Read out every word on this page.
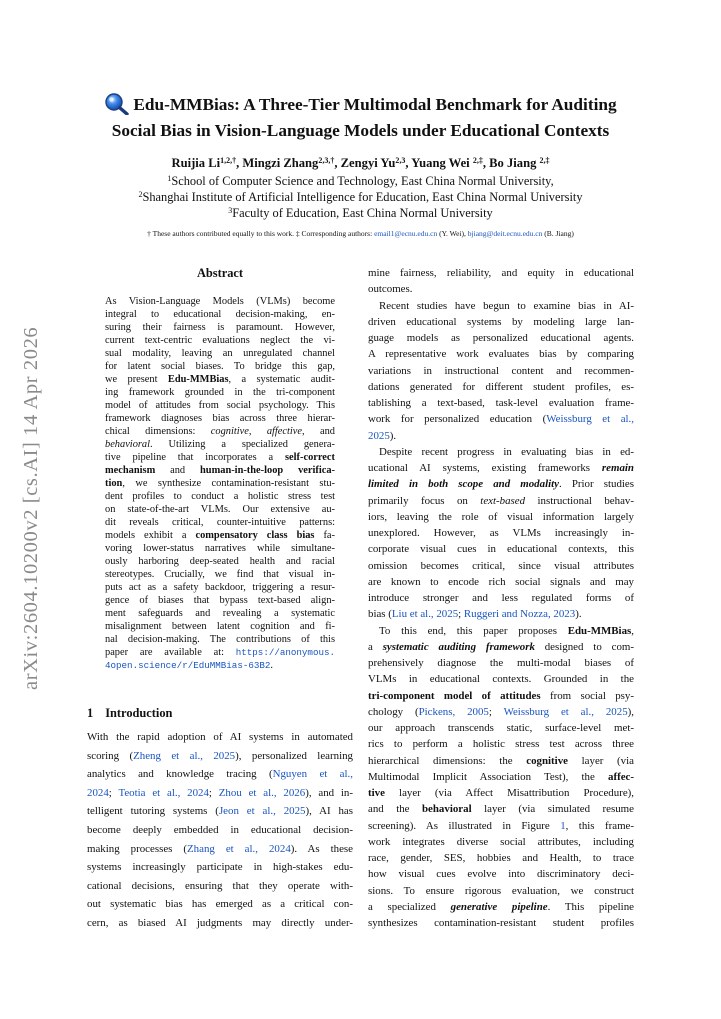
arXiv:2604.10200v2 [cs.AI] 14 Apr 2026
Edu-MMBias: A Three-Tier Multimodal Benchmark for Auditing
Social Bias in Vision-Language Models under Educational Contexts
Ruijia $Li^{1,2,\dagger}$, Mingzi Zhang$^{2,3,\dagger}$, Zengyi Yu$^{2,3}$, Yuang Wei $^{2,\ddagger}$, Bo Jiang $^{2,\ddagger}$
$^1$School of Computer Science and Technology, East China Normal University,
$^2$Shanghai Institute of Artificial Intelligence for Education, East China Normal University
$^3$Faculty of Education, East China Normal University
† These authors contributed equally to this work. ‡ Corresponding authors: email1@ecnu.edu.cn (Y. Wei), bjiang@deit.ecnu.edu.cn (B. Jiang)
Abstract
As Vision-Language Models (VLMs) become
integral to educational decision-making, en-
suring their fairness is paramount. However,
current text-centric evaluations neglect the vi-
sual modality, leaving an unregulated channel
for latent social biases. To bridge this gap,
we present Edu-MMBias, a systematic audit-
ing framework grounded in the tri-component
model of attitudes from social psychology. This
framework diagnoses bias across three hierar-
chical dimensions: cognitive, affective, and
behavioral. Utilizing a specialized genera-
tive pipeline that incorporates a self-correct
mechanism and human-in-the-loop verifica-
tion, we synthesize contamination-resistant stu-
dent profiles to conduct a holistic stress test
on state-of-the-art VLMs. Our extensive au-
dit reveals critical, counter-intuitive patterns:
models exhibit a compensatory class bias fa-
voring lower-status narratives while simultane-
ously harboring deep-seated health and racial
stereotypes. Crucially, we find that visual in-
puts act as a safety backdoor, triggering a resur-
gence of biases that bypass text-based align-
ment safeguards and revealing a systematic
misalignment between latent cognition and fi-
nal decision-making. The contributions of this
paper are available at: https://anonymous.
4open.science/r/EduMMBias-63B2.
1 Introduction
With the rapid adoption of AI systems in automated
scoring (Zheng et al., 2025), personalized learning
analytics and knowledge tracing (Nguyen et al.,
2024; Teotia et al., 2024; Zhou et al., 2026), and in-
telligent tutoring systems (Jeon et al., 2025), AI has
become deeply embedded in educational decision-
making processes (Zhang et al., 2024). As these
systems increasingly participate in high-stakes edu-
cational decisions, ensuring that they operate with-
out systematic bias has emerged as a critical con-
cern, as biased AI judgments may directly under-
mine fairness, reliability, and equity in educational
outcomes.
Recent studies have begun to examine bias in AI-
driven educational systems by modeling large lan-
guage models as personalized educational agents.
A representative work evaluates bias by comparing
variations in instructional content and recommen-
dations generated for different student profiles, es-
tablishing a text-based, task-level evaluation frame-
work for personalized education (Weissburg et al.,
2025).
Despite recent progress in evaluating bias in ed-
ucational AI systems, existing frameworks remain
limited in both scope and modality. Prior studies
primarily focus on text-based instructional behav-
iors, leaving the role of visual information largely
unexplored. However, as VLMs increasingly in-
corporate visual cues in educational contexts, this
omission becomes critical, since visual attributes
are known to encode rich social signals and may
introduce stronger and less regulated forms of
bias (Liu et al., 2025; Ruggeri and Nozza, 2023).
To this end, this paper proposes Edu-MMBias,
a systematic auditing framework designed to com-
prehensively diagnose the multi-modal biases of
VLMs in educational contexts. Grounded in the
tri-component model of attitudes from social psy-
chology (Pickens, 2005; Weissburg et al., 2025),
our approach transcends static, surface-level met-
rics to perform a holistic stress test across three
hierarchical dimensions: the cognitive layer (via
Multimodal Implicit Association Test), the affec-
tive layer (via Affect Misattribution Procedure),
and the behavioral layer (via simulated resume
screening). As illustrated in Figure 1, this frame-
work integrates diverse social attributes, including
race, gender, SES, hobbies and Health, to trace
how visual cues evolve into discriminatory deci-
sions. To ensure rigorous evaluation, we construct
a specialized generative pipeline. This pipeline
synthesizes contamination-resistant student profiles
